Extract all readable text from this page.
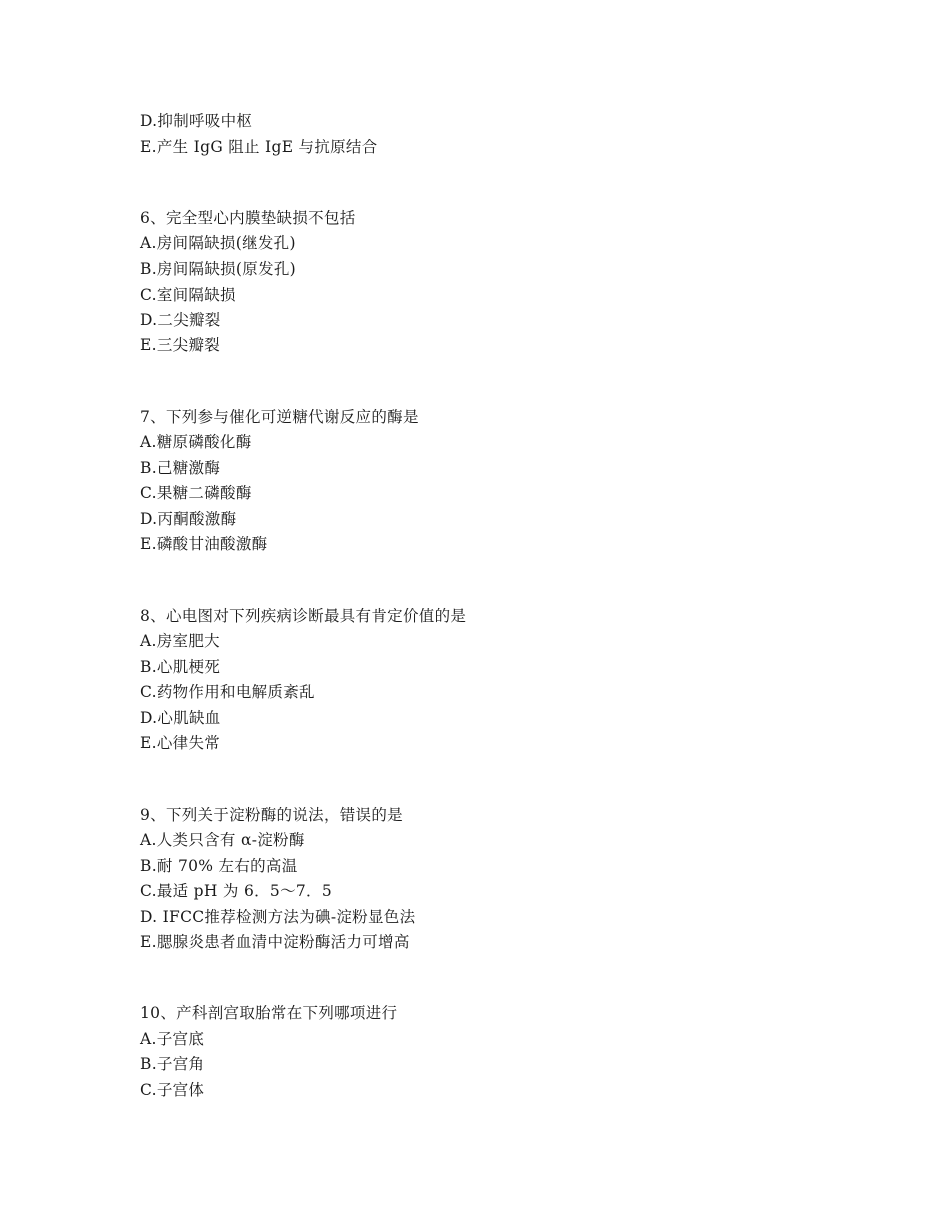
D.抑制呼吸中枢
E.产生 IgG 阻止 IgE 与抗原结合
6、完全型心内膜垫缺损不包括
A.房间隔缺损(继发孔)
B.房间隔缺损(原发孔)
C.室间隔缺损
D.二尖瓣裂
E.三尖瓣裂
7、下列参与催化可逆糖代谢反应的酶是
A.糖原磷酸化酶
B.己糖激酶
C.果糖二磷酸酶
D.丙酮酸激酶
E.磷酸甘油酸激酶
8、心电图对下列疾病诊断最具有肯定价值的是
A.房室肥大
B.心肌梗死
C.药物作用和电解质紊乱
D.心肌缺血
E.心律失常
9、下列关于淀粉酶的说法，错误的是
A.人类只含有 α-淀粉酶
B.耐 70% 左右的高温
C.最适 pH 为 6．5～7．5
D. IFCC推荐检测方法为碘-淀粉显色法
E.腮腺炎患者血清中淀粉酶活力可增高
10、产科剖宫取胎常在下列哪项进行
A.子宫底
B.子宫角
C.子宫体
